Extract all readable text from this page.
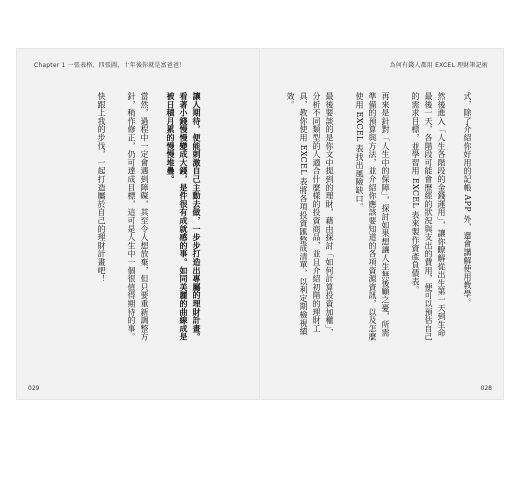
Chapter 1 一張表格、四張圖，十年後你就是富爸爸！

讓人期待，便能刺激自己主動去做，一步步打造出專屬的理財計畫。看著小錢慢慢變成大錢，是件很有成就感的事。如同美麗的曲線成是被日積月累的慢慢堆疊。

當然，過程中一定會遇到障礙，其至令人想放棄，但只要重新調整方針，稍作修正，仍可達成目標，這可是人生中一個很值得期待的事。

快跟上我的步伐，一起打造屬於自己的理財計畫吧！

029
為何有錢人都用 EXCEL 理財筆記術

式，除了介紹你好用的記帳 APP 外，還會講解使用教學。

然後進入「人生各階段的金錢運用」，讓你瞭解從出生第一天到生命最後一天，各階段可能會歷經的狀況與支出的費用，便可以預估自己的需求目標，並學習用 EXCEL 表來製作資產負債表。

再來是針對「人生中的保障」，探討如果想讓人生無後顧之憂，所需準備的預算與方法，並介紹你應該要知道的各項資源資訊，以及怎麼使用 EXCEL 表找出風險缺口。

最後要談的是你文中提到的理財，藉由探討「如何計算投資加權」，分析不同類型的人適合什麼樣的投資商品，並且介紹初階的理財工具，教你使用 EXCEL 表將各項投資匯整成清單，以利定期檢視績效。

028
